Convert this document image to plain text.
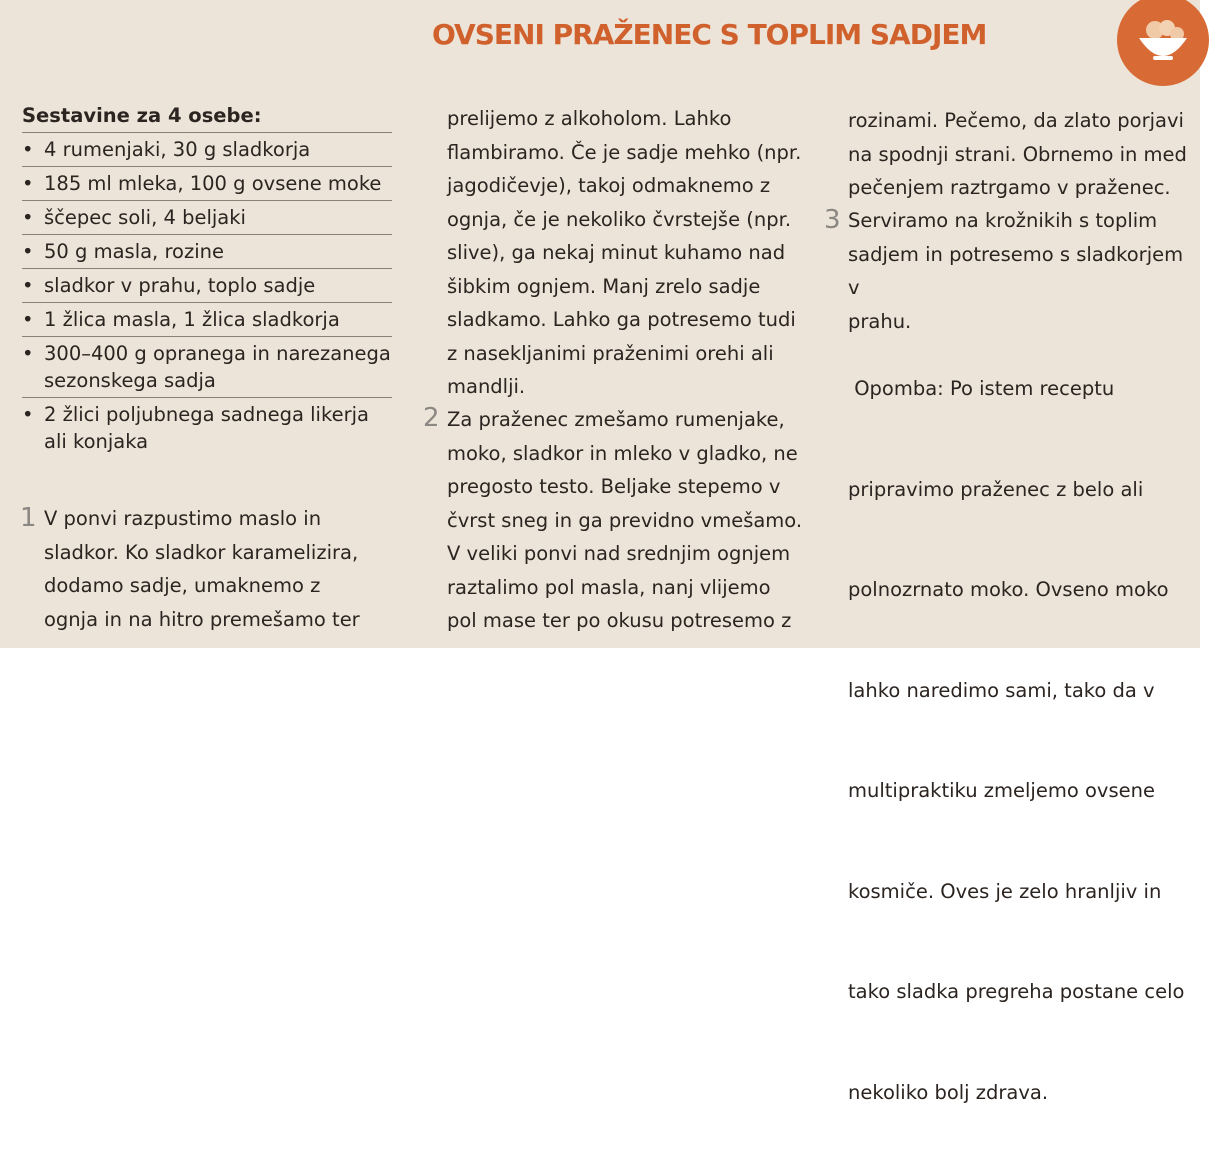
OVSENI PRAŽENEC S TOPLIM SADJEM
Sestavine za 4 osebe:
• 4 rumenjaki, 30 g sladkorja
• 185 ml mleka, 100 g ovsene moke
• ščepec soli, 4 beljaki
• 50 g masla, rozine
• sladkor v prahu, toplo sadje
• 1 žlica masla, 1 žlica sladkorja
• 300–400 g opranega in narezanega sezonskega sadja
• 2 žlici poljubnega sadnega likerja ali konjaka
1 V ponvi razpustimo maslo in

sladkor. Ko sladkor karamelizira,

dodamo sadje, umaknemo z

ognja in na hitro premešamo ter

prelijemo z alkoholom. Lahko

flambiramo. Če je sadje mehko (npr.

jagodičevje), takoj odmaknemo z

ognja, če je nekoliko čvrstejše (npr.

slive), ga nekaj minut kuhamo nad

šibkim ognjem. Manj zrelo sadje

sladkamo. Lahko ga potresemo tudi

z nasekljanimi praženimi orehi ali

mandlji.

2 Za praženec zmešamo rumenjake,

moko, sladkor in mleko v gladko, ne

pregosto testo. Beljake stepemo v

čvrst sneg in ga previdno vmešamo.

V veliki ponvi nad srednjim ognjem

raztalimo pol masla, nanj vlijemo

pol mase ter po okusu potresemo z

rozinami. Pečemo, da zlato porjavi

na spodnji strani. Obrnemo in med

pečenjem raztrgamo v praženec.

3 Serviramo na krožnikih s toplim

sadjem in potresemo s sladkorjem v

prahu.

Opomba: Po istem receptu

pripravimo praženec z belo ali

polnozrnato moko. Ovseno moko

lahko naredimo sami, tako da v

multipraktiku zmeljemo ovsene

kosmiče. Oves je zelo hranljiv in

tako sladka pregreha postane celo

nekoliko bolj zdrava.
